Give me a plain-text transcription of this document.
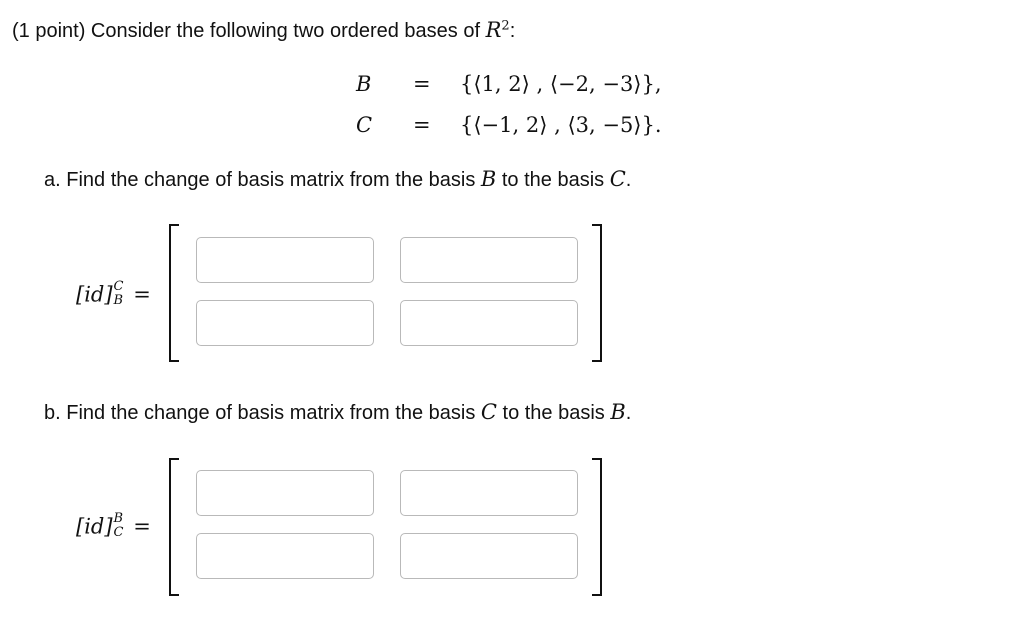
(1 point) Consider the following two ordered bases of $R^2$:
B = {⟨1, 2⟩ , ⟨−2, −3⟩},
C = {⟨−1, 2⟩ , ⟨3, −5⟩}.
a. Find the change of basis matrix from the basis B to the basis C.
[id] C
B =
b. Find the change of basis matrix from the basis C to the basis B.
[id] B
C =
